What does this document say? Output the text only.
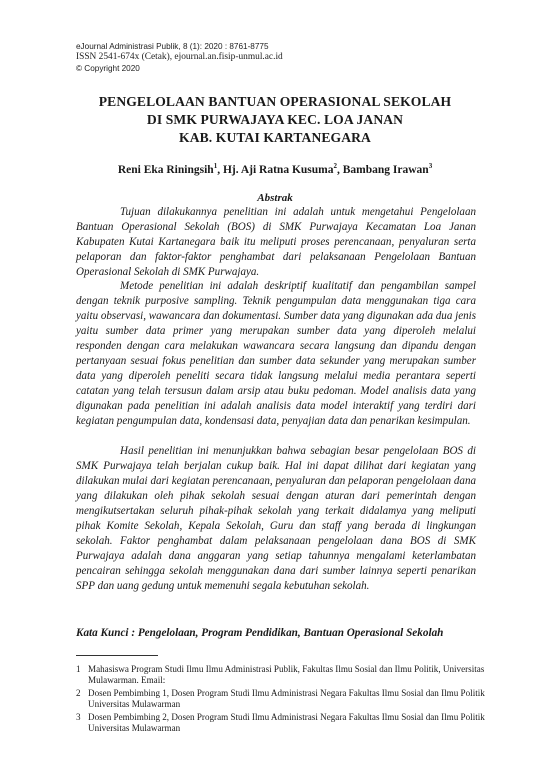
eJournal Administrasi Publik, 8 (1): 2020 : 8761-8775
ISSN 2541-674x (Cetak), ejournal.an.fisip-unmul.ac.id
© Copyright 2020
PENGELOLAAN BANTUAN OPERASIONAL SEKOLAH
DI SMK PURWAJAYA KEC. LOA JANAN
KAB. KUTAI KARTANEGARA
Reni Eka Riningsih$^1$, Hj. Aji Ratna Kusuma$^2$, Bambang Irawan$^3$
Abstrak

Tujuan dilakukannya penelitian ini adalah untuk mengetahui Pengelolaan Bantuan Operasional Sekolah (BOS) di SMK Purwajaya Kecamatan Loa Janan Kabupaten Kutai Kartanegara baik itu meliputi proses perencanaan, penyaluran serta pelaporan dan faktor-faktor penghambat dari pelaksanaan Pengelolaan Bantuan Operasional Sekolah di SMK Purwajaya.

Metode penelitian ini adalah deskriptif kualitatif dan pengambilan sampel dengan teknik purposive sampling. Teknik pengumpulan data menggunakan tiga cara yaitu observasi, wawancara dan dokumentasi. Sumber data yang digunakan ada dua jenis yaitu sumber data primer yang merupakan sumber data yang diperoleh melalui responden dengan cara melakukan wawancara secara langsung dan dipandu dengan pertanyaan sesuai fokus penelitian dan sumber data sekunder yang merupakan sumber data yang diperoleh peneliti secara tidak langsung melalui media perantara seperti catatan yang telah tersusun dalam arsip atau buku pedoman. Model analisis data yang digunakan pada penelitian ini adalah analisis data model interaktif yang terdiri dari kegiatan pengumpulan data, kondensasi data, penyajian data dan penarikan kesimpulan.

Hasil penelitian ini menunjukkan bahwa sebagian besar pengelolaan BOS di SMK Purwajaya telah berjalan cukup baik. Hal ini dapat dilihat dari kegiatan yang dilakukan mulai dari kegiatan perencanaan, penyaluran dan pelaporan pengelolaan dana yang dilakukan oleh pihak sekolah sesuai dengan aturan dari pemerintah dengan mengikutsertakan seluruh pihak-pihak sekolah yang terkait didalamya yang meliputi pihak Komite Sekolah, Kepala Sekolah, Guru dan staff yang berada di lingkungan sekolah. Faktor penghambat dalam pelaksanaan pengelolaan dana BOS di SMK Purwajaya adalah dana anggaran yang setiap tahunnya mengalami keterlambatan pencairan sehingga sekolah menggunakan dana dari sumber lainnya seperti penarikan SPP dan uang gedung untuk memenuhi segala kebutuhan sekolah.

Kata Kunci : Pengelolaan, Program Pendidikan, Bantuan Operasional Sekolah
1 Mahasiswa Program Studi Ilmu Ilmu Administrasi Publik, Fakultas Ilmu Sosial dan Ilmu Politik, Universitas Mulawarman. Email:
2 Dosen Pembimbing 1, Dosen Program Studi Ilmu Administrasi Negara Fakultas Ilmu Sosial dan Ilmu Politik Universitas Mulawarman
3 Dosen Pembimbing 2, Dosen Program Studi Ilmu Administrasi Negara Fakultas Ilmu Sosial dan Ilmu Politik Universitas Mulawarman
